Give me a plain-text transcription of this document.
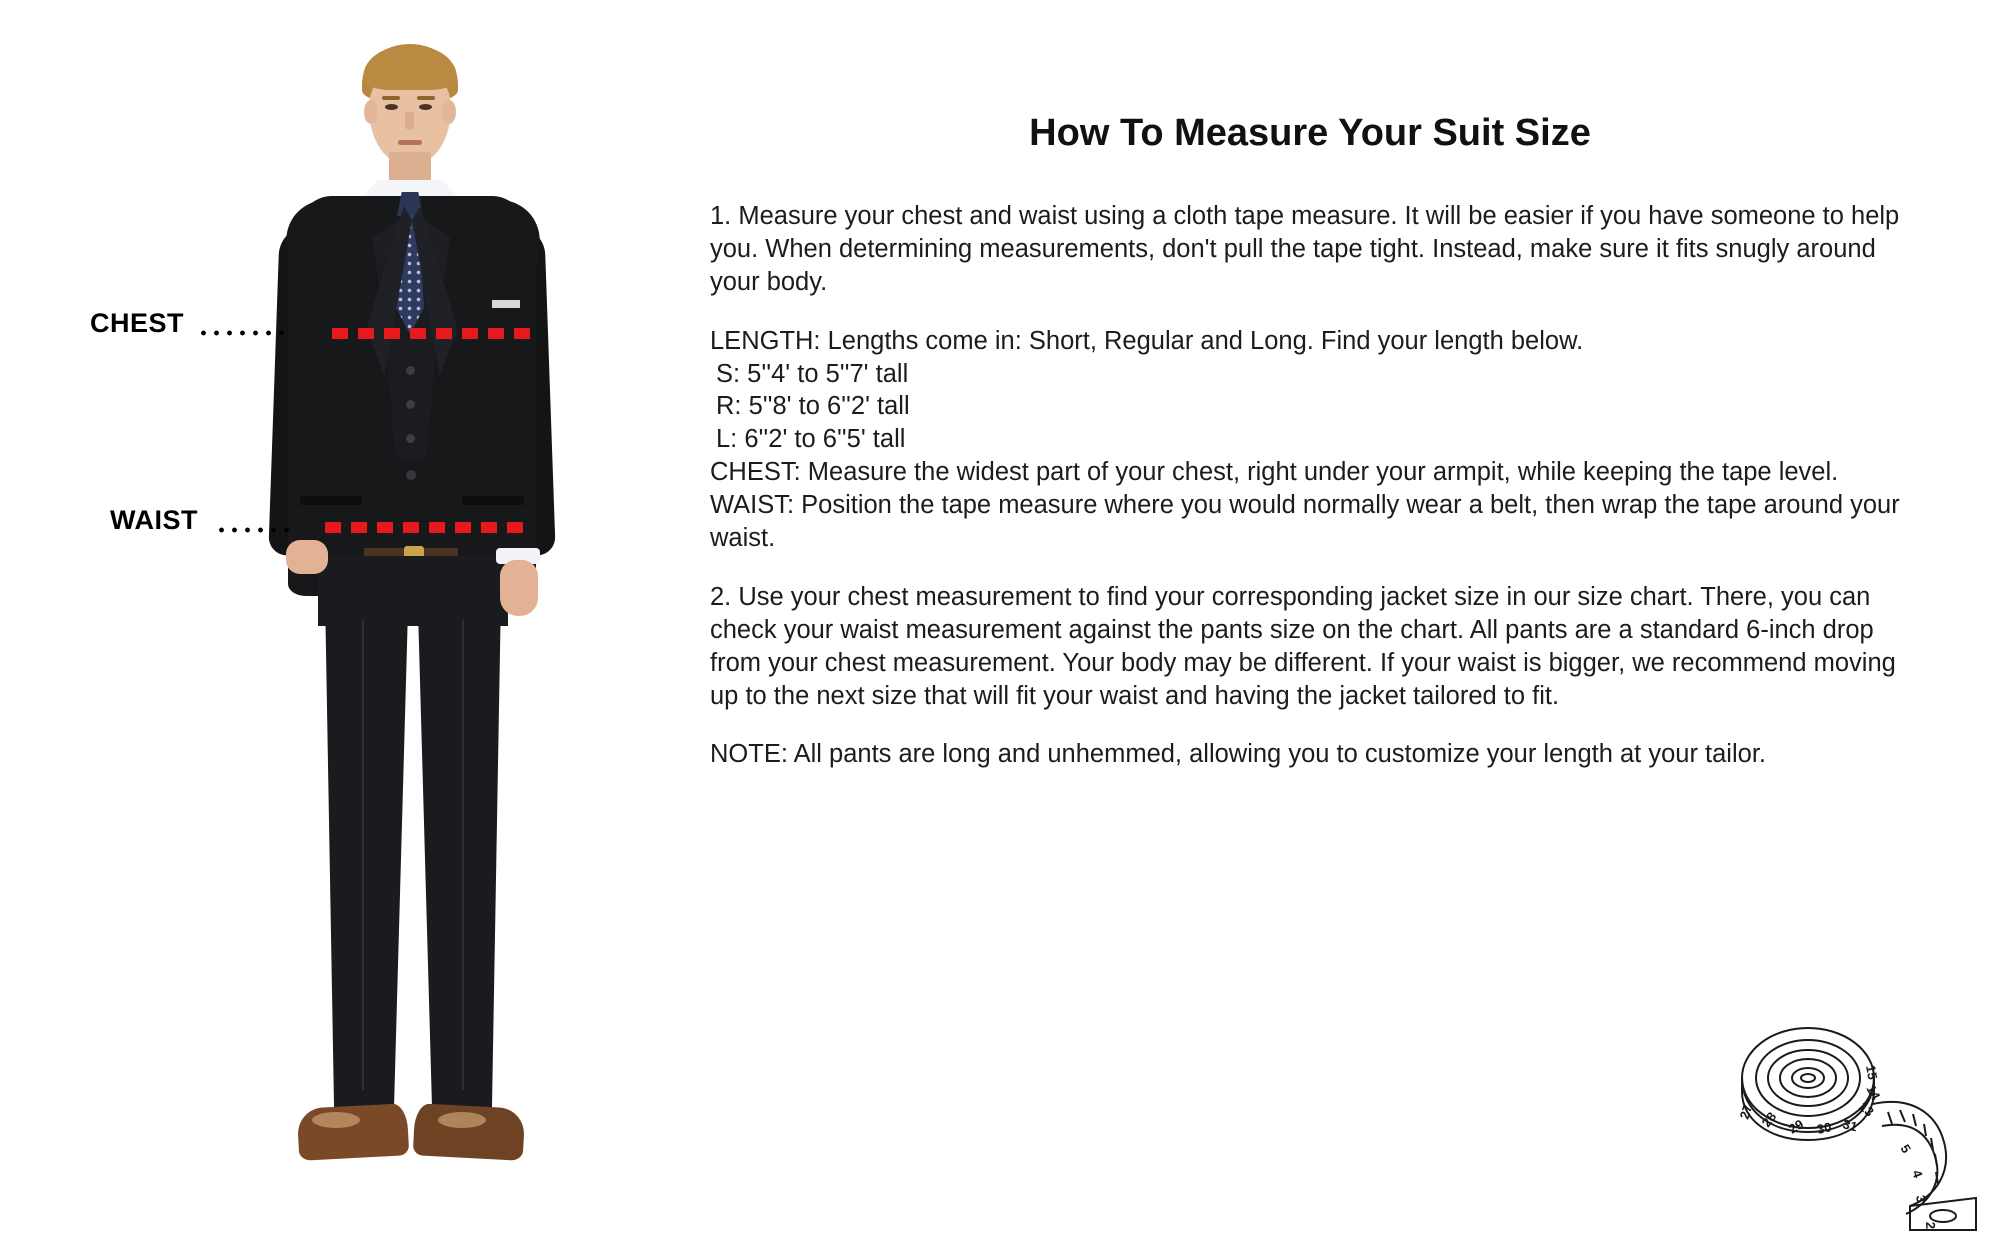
CHEST
WAIST
How To Measure Your Suit Size

1. Measure your chest and waist using a cloth tape measure. It will be easier if you have someone to help you. When determining measurements, don't pull the tape tight. Instead, make sure it fits snugly around your body.

LENGTH: Lengths come in: Short, Regular and Long. Find your length below.

S: 5''4' to 5''7' tall

R: 5''8' to 6''2' tall

L: 6''2' to 6''5' tall

CHEST: Measure the widest part of your chest, right under your armpit, while keeping the tape level.

WAIST: Position the tape measure where you would normally wear a belt, then wrap the tape around your waist.

2. Use your chest measurement to find your corresponding jacket size in our size chart. There, you can check your waist measurement against the pants size on the chart. All pants are a standard 6-inch drop from your chest measurement. Your body may be different. If your waist is bigger, we recommend moving up to the next size that will fit your waist and having the jacket tailored to fit.

NOTE: All pants are long and unhemmed, allowing you to customize your length at your tailor.

27 28 29 30 31
13
14
15
5
4
3
2
